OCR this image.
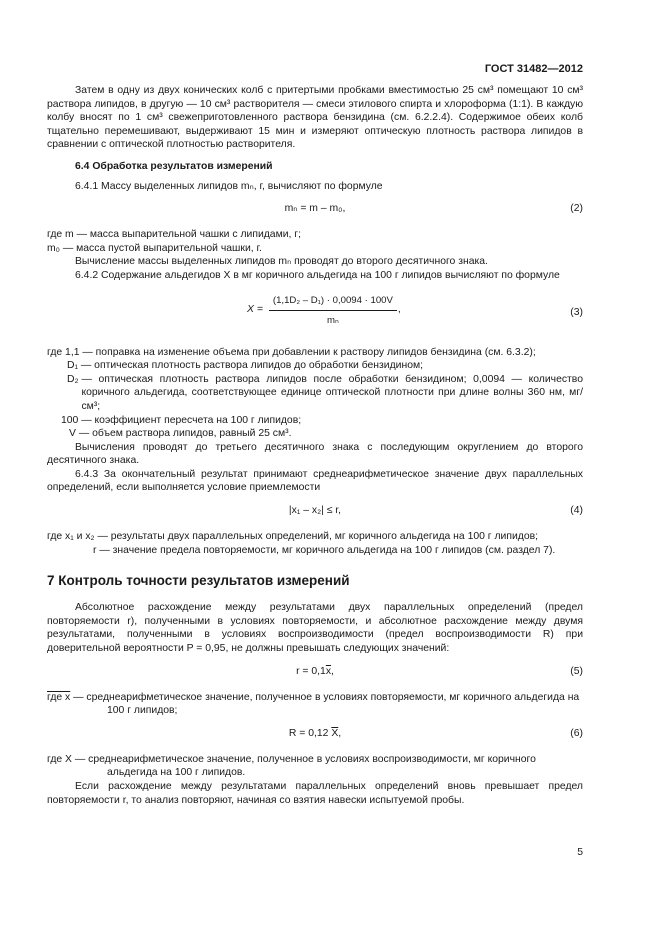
ГОСТ 31482—2012

Затем в одну из двух конических колб с притертыми пробками вместимостью 25 см³ помещают 10 см³ раствора липидов, в другую — 10 см³ растворителя — смеси этилового спирта и хлороформа (1:1). В каждую колбу вносят по 1 см³ свежеприготовленного раствора бензидина (см. 6.2.2.4). Содержимое обеих колб тщательно перемешивают, выдерживают 15 мин и измеряют оптическую плотность раствора липидов в сравнении с оптической плотностью растворителя.

6.4 Обработка результатов измерений

6.4.1 Массу выделенных липидов mₙ, г, вычисляют по формуле

mₙ = m – m₀,	(2)
где m
— масса выпарительной чашки с липидами, г;
m₀
— масса пустой выпарительной чашки, г.

Вычисление массы выделенных липидов mₙ проводят до второго десятичного знака.

6.4.2 Содержание альдегидов X в мг коричного альдегида на 100 г липидов вычисляют по формуле

X =	(1,1D₂ – D₁) · 0,0094 · 100V	,
mₙ
(3)

где 1,1 — поправка на изменение объема при добавлении к раствору липидов бензидина (см. 6.3.2);

D₁
— оптическая плотность раствора липидов до обработки бензидином;
D₂
— оптическая плотность раствора липидов после обработки бензидином; 0,0094 — количество коричного альдегида, соответствующее единице оптической плотности при длине волны 360 нм, мг/см³;
100
— коэффициент пересчета на 100 г липидов;
V
— объем раствора липидов, равный 25 см³.

Вычисления проводят до третьего десятичного знака с последующим округлением до второго десятичного знака.

6.4.3 За окончательный результат принимают среднеарифметическое значение двух параллельных определений, если выполняется условие приемлемости

|x₁ – x₂| ≤ r,	(4)

где x₁ и x₂ — результаты двух параллельных определений, мг коричного альдегида на 100 г липидов;

r — значение предела повторяемости, мг коричного альдегида на 100 г липидов (см. раздел 7).

7 Контроль точности результатов измерений

Абсолютное расхождение между результатами двух параллельных определений (предел повторяемости r), полученными в условиях повторяемости, и абсолютное расхождение между двумя результатами, полученными в условиях воспроизводимости (предел воспроизводимости R) при доверительной вероятности P = 0,95, не должны превышать следующих значений:

$r = 0,1\overline{x}$,	(5)

где x — среднеарифметическое значение, полученное в условиях повторяемости, мг коричного альдегида на 100 г липидов;

R = 0,12 $\overline{X}$,	(6)

где X — среднеарифметическое значение, полученное в условиях воспроизводимости, мг коричного альдегида на 100 г липидов.

Если расхождение между результатами параллельных определений вновь превышает предел повторяемости r, то анализ повторяют, начиная со взятия навески испытуемой пробы.

5
